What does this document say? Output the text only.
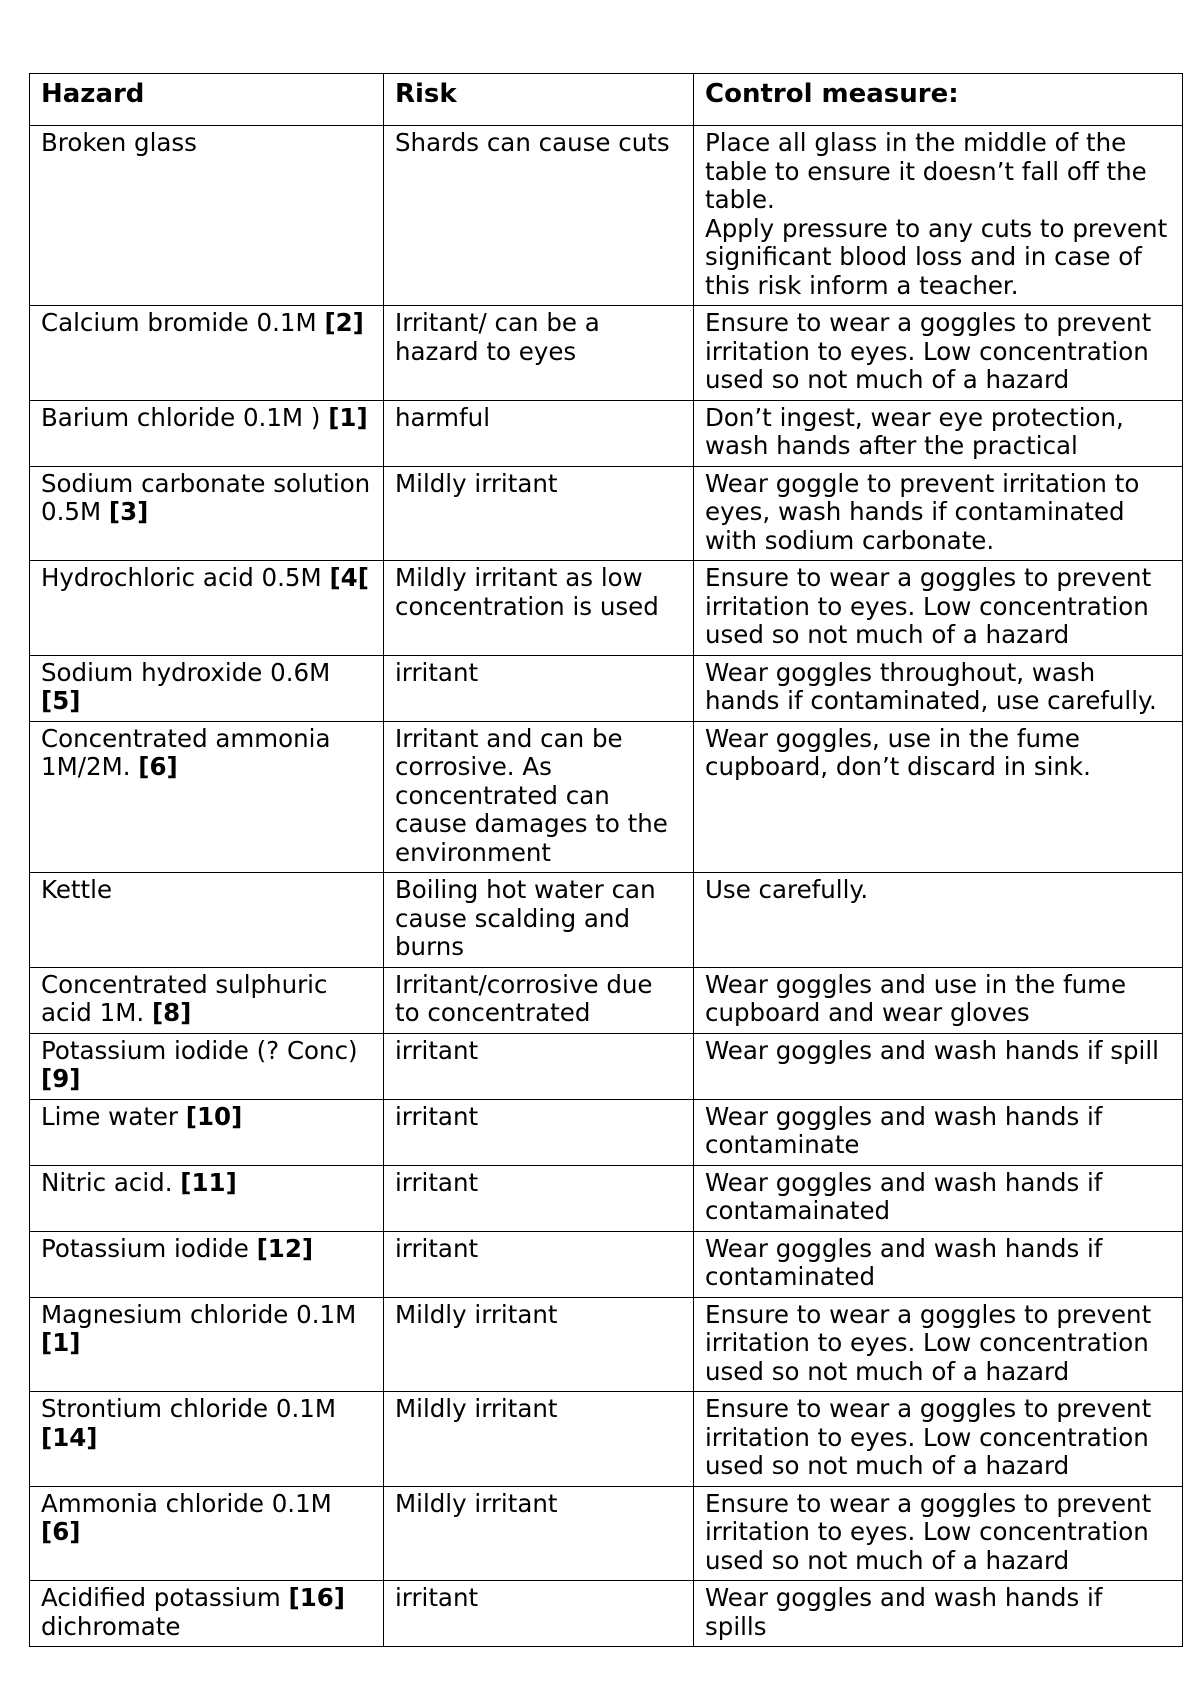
Hazard	Risk	Control measure:
Broken glass	Shards can cause cuts	Place all glass in the middle of the table to ensure it doesn’t fall off the table.
Apply pressure to any cuts to prevent significant blood loss and in case of this risk inform a teacher.

Calcium bromide 0.1M [2]	Irritant/ can be a hazard to eyes	Ensure to wear a goggles to prevent irritation to eyes. Low concentration used so not much of a hazard

Barium chloride 0.1M ) [1]	harmful	Don’t ingest, wear eye protection, wash hands after the practical

Sodium carbonate solution 0.5M [3]	Mildly irritant	Wear goggle to prevent irritation to eyes, wash hands if contaminated with sodium carbonate.

Hydrochloric acid 0.5M [4[	Mildly irritant as low concentration is used	Ensure to wear a goggles to prevent irritation to eyes. Low concentration used so not much of a hazard

Sodium hydroxide 0.6M [5]	irritant	Wear goggles throughout, wash hands if contaminated, use carefully.

Concentrated ammonia 1M/2M. [6]	Irritant and can be corrosive. As concentrated can cause damages to the environment	Wear goggles, use in the fume cupboard, don’t discard in sink.

Kettle	Boiling hot water can cause scalding and burns	Use carefully.

Concentrated sulphuric acid 1M. [8]	Irritant/corrosive due to concentrated	Wear goggles and use in the fume cupboard and wear gloves

Potassium iodide (? Conc) [9]	irritant	Wear goggles and wash hands if spill

Lime water [10]	irritant	Wear goggles and wash hands if contaminate

Nitric acid. [11]	irritant	Wear goggles and wash hands if contamainated

Potassium iodide [12]	irritant	Wear goggles and wash hands if contaminated

Magnesium chloride 0.1M [1]	Mildly irritant	Ensure to wear a goggles to prevent irritation to eyes. Low concentration used so not much of a hazard

Strontium chloride 0.1M [14]	Mildly irritant	Ensure to wear a goggles to prevent irritation to eyes. Low concentration used so not much of a hazard

Ammonia chloride 0.1M [6]	Mildly irritant	Ensure to wear a goggles to prevent irritation to eyes. Low concentration used so not much of a hazard

Acidified potassium [16] dichromate	irritant	Wear goggles and wash hands if spills
